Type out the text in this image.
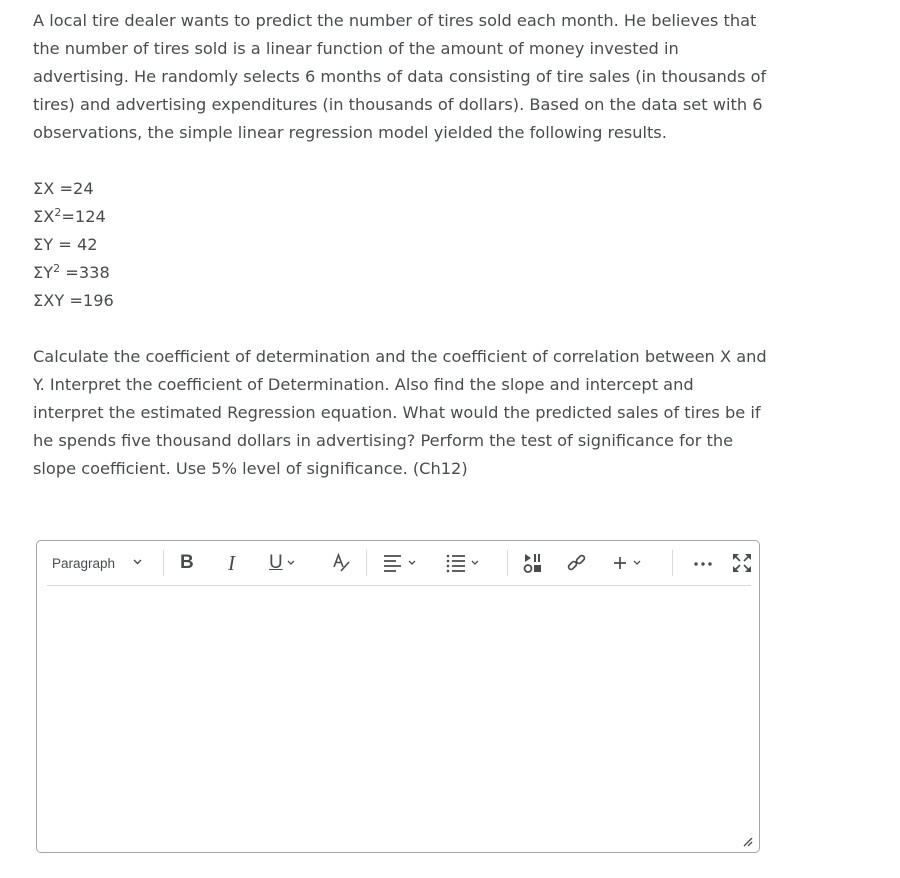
A local tire dealer wants to predict the number of tires sold each month. He believes that the number of tires sold is a linear function of the amount of money invested in advertising. He randomly selects 6 months of data consisting of tire sales (in thousands of tires) and advertising expenditures (in thousands of dollars). Based on the data set with 6 observations, the simple linear regression model yielded the following results.

ΣX =24

$\Sigma X^2=124$

ΣY = 42

$\Sigma Y^2 =338$

ΣXY =196

Calculate the coefficient of determination and the coefficient of correlation between X and Y. Interpret the coefficient of Determination. Also find the slope and intercept and interpret the estimated Regression equation. What would the predicted sales of tires be if he spends five thousand dollars in advertising? Perform the test of significance for the slope coefficient. Use 5% level of significance. (Ch12)

Paragraph	B I U
